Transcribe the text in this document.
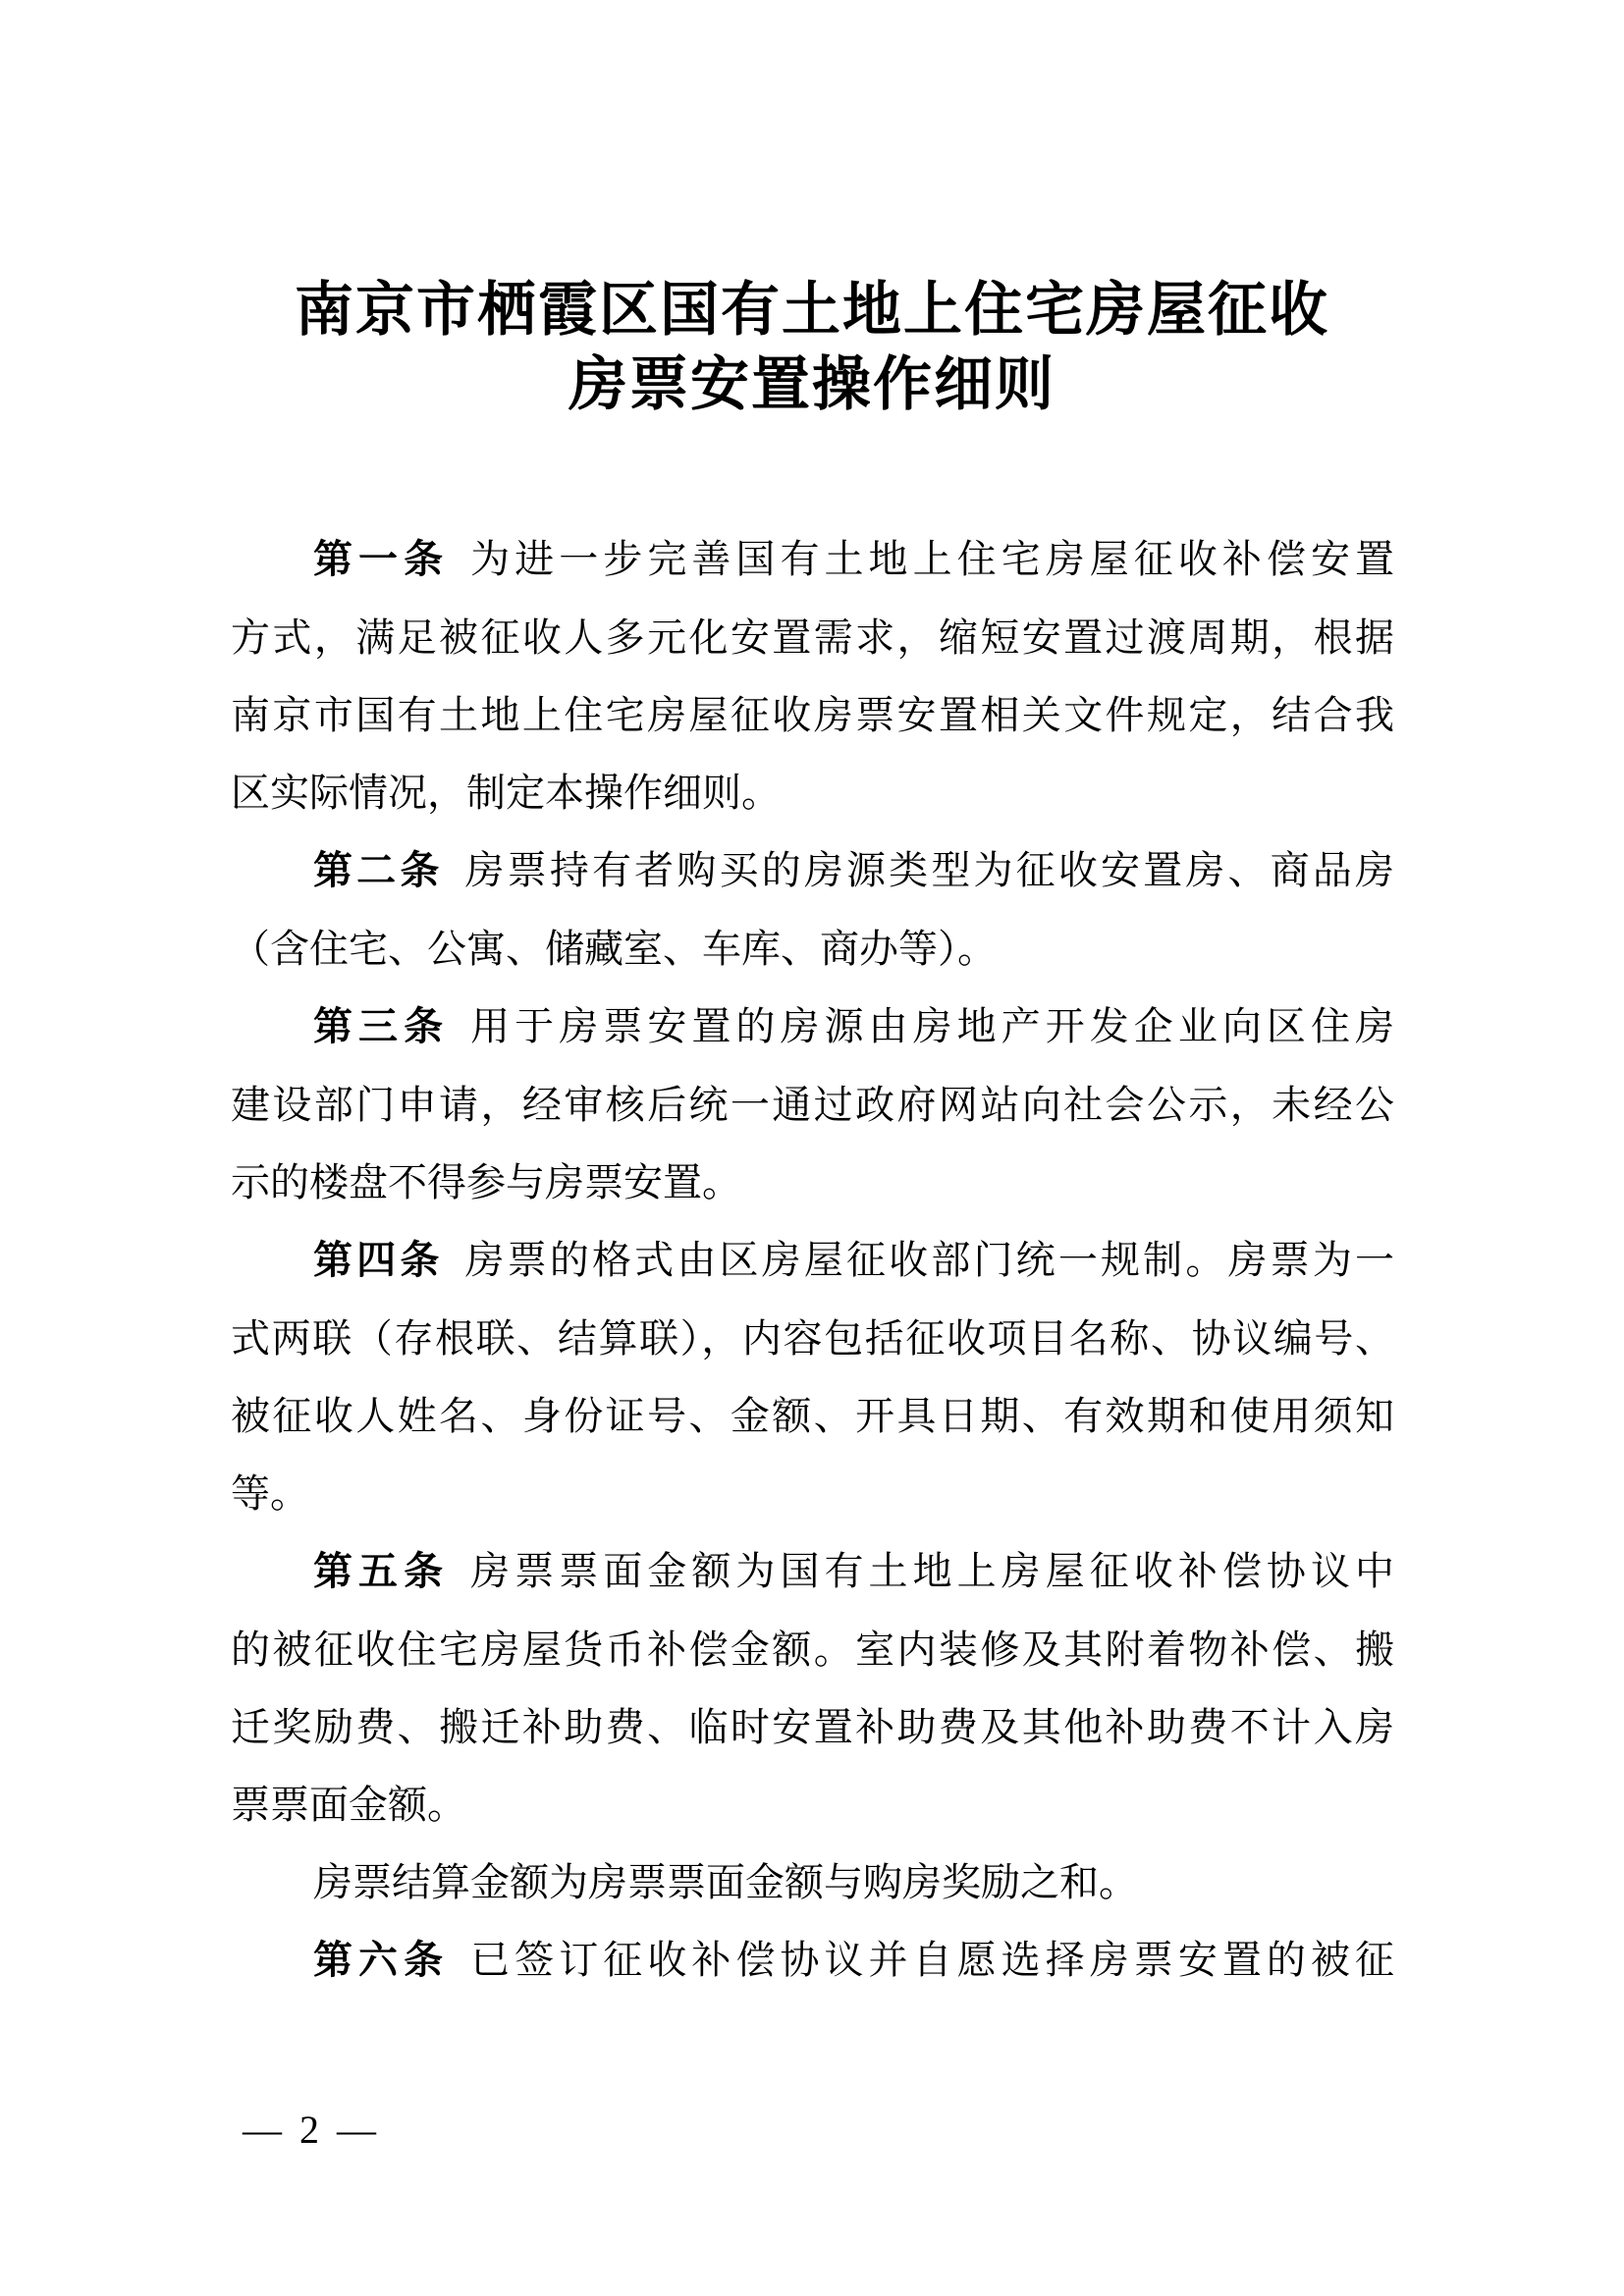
南京市栖霞区国有土地上住宅房屋征收
房票安置操作细则

第一条 为进一步完善国有土地上住宅房屋征收补偿安置

方式，满足被征收人多元化安置需求，缩短安置过渡周期，根据

南京市国有土地上住宅房屋征收房票安置相关文件规定，结合我

区实际情况，制定本操作细则。

第二条 房票持有者购买的房源类型为征收安置房、商品房

（含住宅、公寓、储藏室、车库、商办等）。

第三条 用于房票安置的房源由房地产开发企业向区住房

建设部门申请，经审核后统一通过政府网站向社会公示，未经公

示的楼盘不得参与房票安置。

第四条 房票的格式由区房屋征收部门统一规制。房票为一

式两联（存根联、结算联），内容包括征收项目名称、协议编号、

被征收人姓名、身份证号、金额、开具日期、有效期和使用须知

等。

第五条 房票票面金额为国有土地上房屋征收补偿协议中

的被征收住宅房屋货币补偿金额。室内装修及其附着物补偿、搬

迁奖励费、搬迁补助费、临时安置补助费及其他补助费不计入房

票票面金额。

房票结算金额为房票票面金额与购房奖励之和。

第六条 已签订征收补偿协议并自愿选择房票安置的被征

— 2 —
